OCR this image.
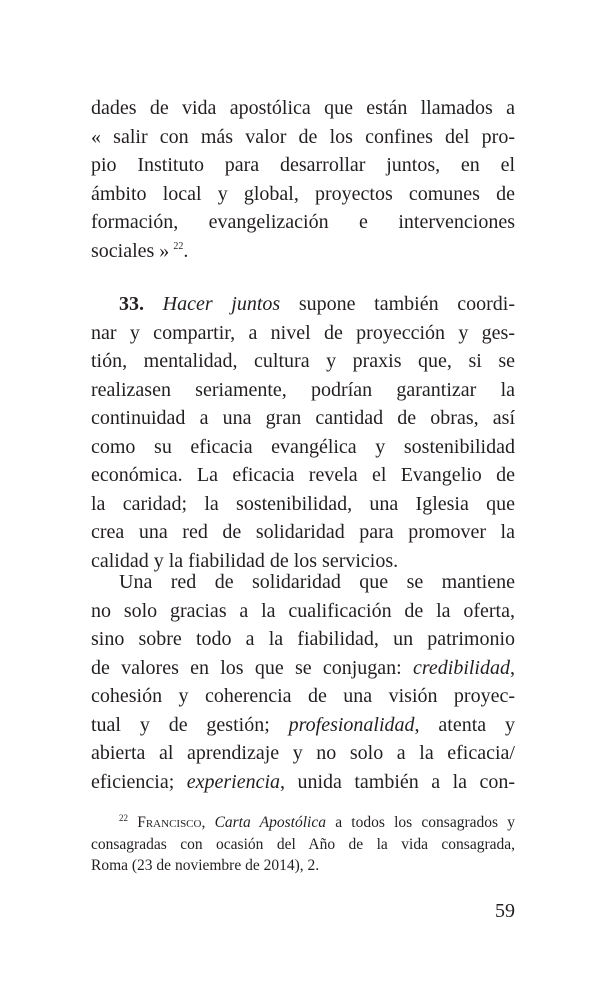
dades de vida apostólica que están llamados a
« salir con más valor de los confines del pro-
pio Instituto para desarrollar juntos, en el
ámbito local y global, proyectos comunes de
formación, evangelización e intervenciones
sociales »  $^{22}$.
33. Hacer juntos supone también coordi-
nar y compartir, a nivel de proyección y ges-
tión, mentalidad, cultura y praxis que, si se
realizasen seriamente, podrían garantizar la
continuidad a una gran cantidad de obras, así
como su eficacia evangélica y sostenibilidad
económica. La eficacia revela el Evangelio de
la caridad; la sostenibilidad, una Iglesia que
crea una red de solidaridad para promover la
calidad y la fiabilidad de los servicios.
Una red de solidaridad que se mantiene
no solo gracias a la cualificación de la oferta,
sino sobre todo a la fiabilidad, un patrimonio
de valores en los que se conjugan: credibilidad,
cohesión y coherencia de una visión proyec-
tual y de gestión; profesionalidad, atenta y
abierta al aprendizaje y no solo a la eficacia/
eficiencia; experiencia, unida también a la con-
$^{22}$ Francisco, Carta Apostólica a todos los consagrados y
consagradas con ocasión del Año de la vida consagrada,
Roma (23 de noviembre de 2014), 2.
59
